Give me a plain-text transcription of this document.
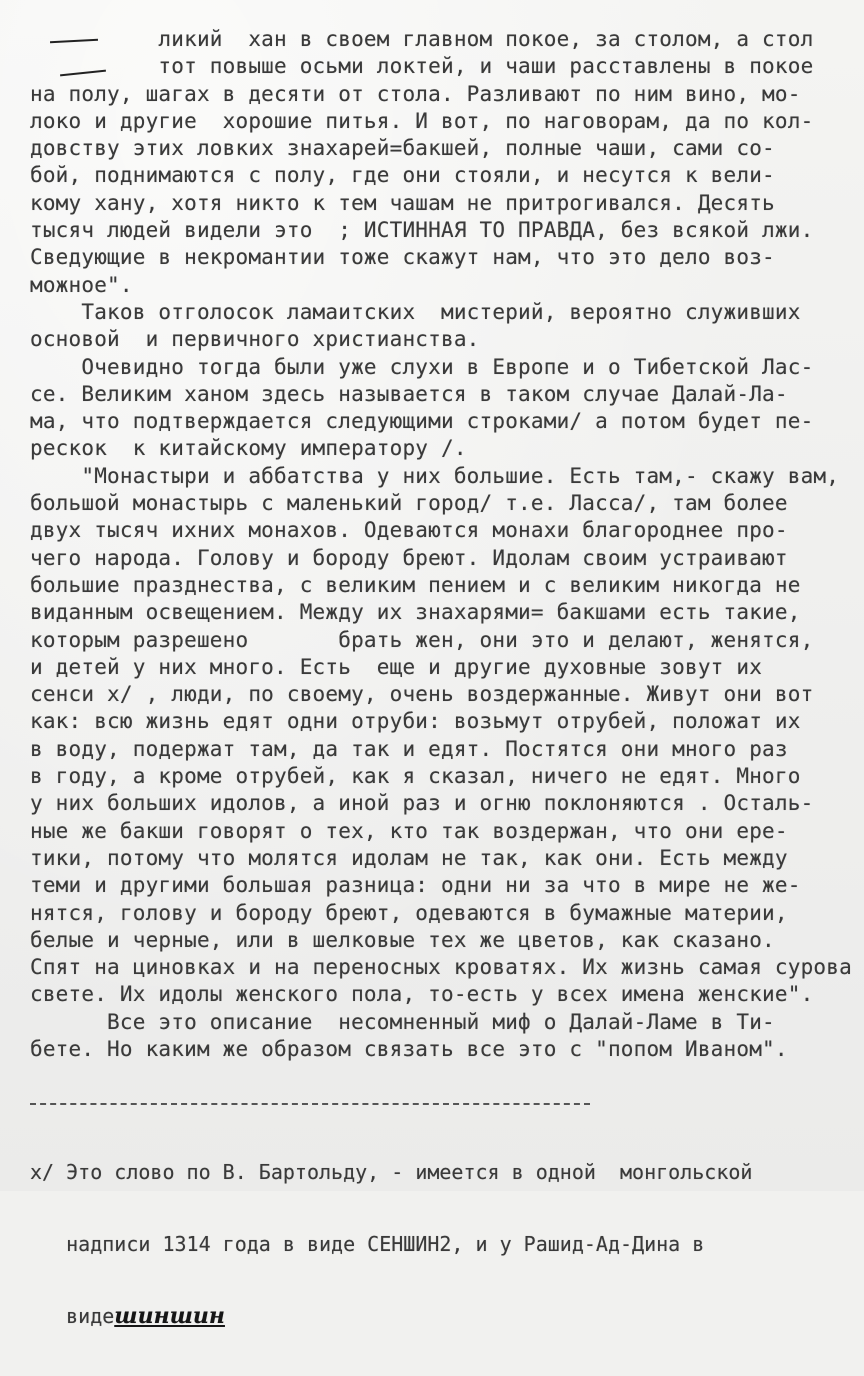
ликий  хан в своем главном покое, за столом, а стол
тот повыше осьми локтей, и чаши расставлены в покое
на полу, шагах в десяти от стола. Разливают по ним вино, мо-
локо и другие  хорошие питья. И вот, по наговорам, да по кол-
довству этих ловких знахарей=бакшей, полные чаши, сами со-
бой, поднимаются с полу, где они стояли, и несутся к вели-
кому хану, хотя никто к тем чашам не притрогивался. Десять
тысяч людей видели это  ; ИСТИННАЯ ТО ПРАВДА, без всякой лжи.
Сведующие в некромантии тоже скажут нам, что это дело воз-
можное".
Таков отголосок ламаитских  мистерий, вероятно служивших
основой  и первичного христианства.
Очевидно тогда были уже слухи в Европе и о Тибетской Лас-
се. Великим ханом здесь называется в таком случае Далай-Ла-
ма, что подтверждается следующими строками/ а потом будет пе-
рескок  к китайскому императору /.
"Монастыри и аббатства у них большие. Есть там,- скажу вам,
большой монастырь с маленький город/ т.е. Ласса/, там более
двух тысяч ихних монахов. Одеваются монахи благороднее про-
чего народа. Голову и бороду бреют. Идолам своим устраивают
большие празднества, с великим пением и с великим никогда не
виданным освещением. Между их знахарями= бакшами есть такие,
которым разрешено       брать жен, они это и делают, женятся,
и детей у них много. Есть  еще и другие духовные зовут их
сенси x/ , люди, по своему, очень воздержанные. Живут они вот
как: всю жизнь едят одни отруби: возьмут отрубей, положат их
в воду, подержат там, да так и едят. Постятся они много раз
в году, а кроме отрубей, как я сказал, ничего не едят. Много
у них больших идолов, а иной раз и огню поклоняются . Осталь-
ные же бакши говорят о тех, кто так воздержан, что они ере-
тики, потому что молятся идолам не так, как они. Есть между
теми и другими большая разница: одни ни за что в мире не же-
нятся, голову и бороду бреют, одеваются в бумажные материи,
белые и черные, или в шелковые тех же цветов, как сказано.
Спят на циновках и на переносных кроватях. Их жизнь самая сурова
свете. Их идолы женского пола, то-есть у всех имена женские".
Все это описание  несомненный миф о Далай-Ламе в Ти-
бете. Но каким же образом связать все это с "попом Иваном".

x/ Это слово по В. Бартольду, - имеется в одной  монгольской

надписи 1314 года в виде СЕНШИН2, и у Рашид-Ад-Дина в

виде шиншин
